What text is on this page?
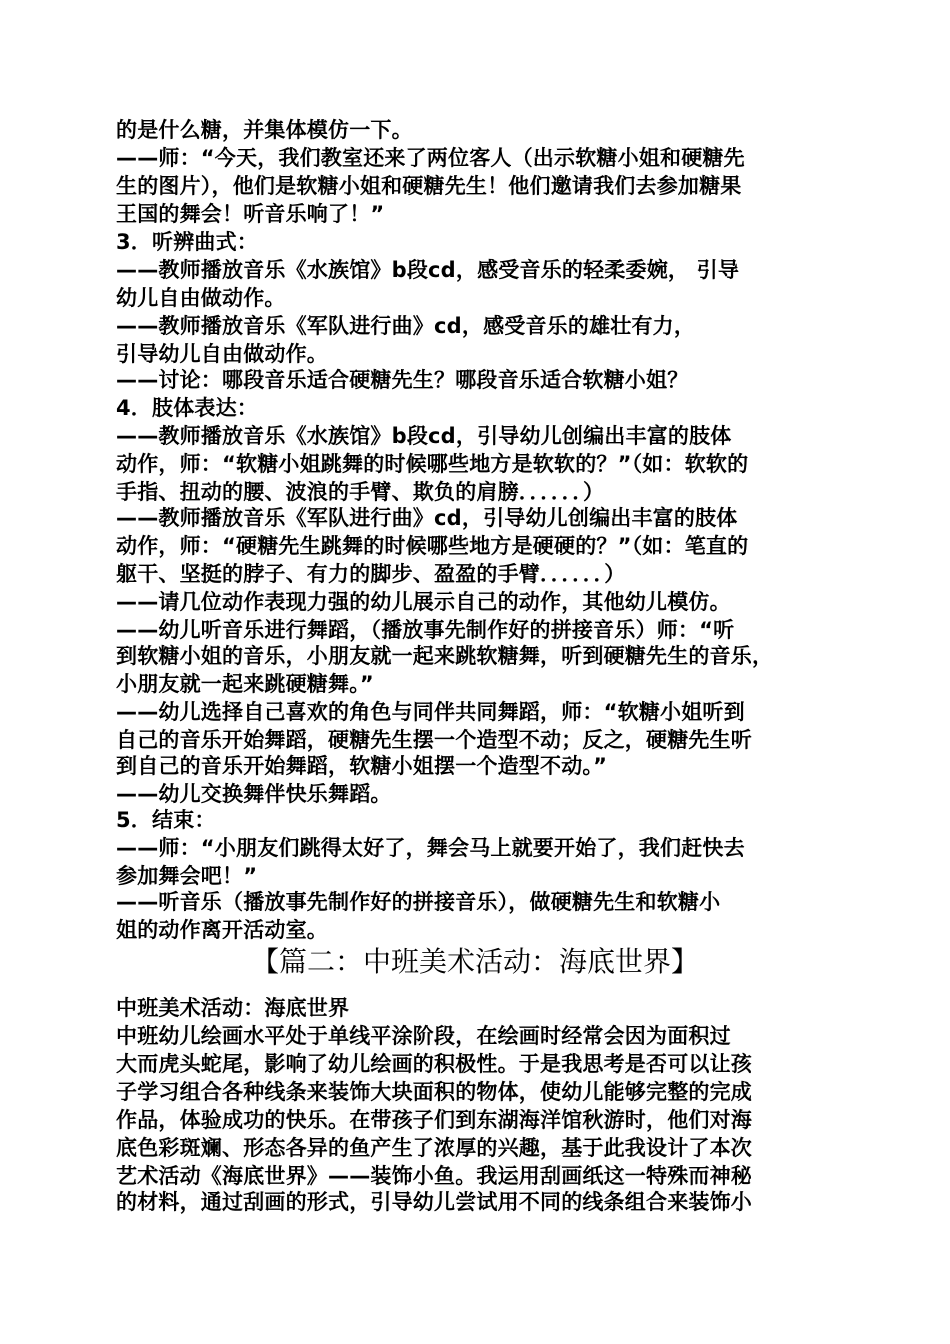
的是什么糖，并集体模仿一下。

——师：“今天，我们教室还来了两位客人（出示软糖小姐和硬糖先

生的图片），他们是软糖小姐和硬糖先生！他们邀请我们去参加糖果

王国的舞会！听音乐响了！”

3．听辨曲式：

——教师播放音乐《水族馆》b段cd，感受音乐的轻柔委婉， 引导

幼儿自由做动作。

——教师播放音乐《军队进行曲》cd，感受音乐的雄壮有力，

引导幼儿自由做动作。

——讨论：哪段音乐适合硬糖先生？哪段音乐适合软糖小姐？

4．肢体表达：

——教师播放音乐《水族馆》b段cd，引导幼儿创编出丰富的肢体

动作，师：“软糖小姐跳舞的时候哪些地方是软软的？”（如：软软的

手指、扭动的腰、波浪的手臂、欺负的肩膀．．．．．．）

——教师播放音乐《军队进行曲》cd，引导幼儿创编出丰富的肢体

动作，师：“硬糖先生跳舞的时候哪些地方是硬硬的？”（如：笔直的

躯干、坚挺的脖子、有力的脚步、盈盈的手臂．．．．．．）

——请几位动作表现力强的幼儿展示自己的动作，其他幼儿模仿。

——幼儿听音乐进行舞蹈，（播放事先制作好的拼接音乐）师：“听

到软糖小姐的音乐，小朋友就一起来跳软糖舞，听到硬糖先生的音乐，

小朋友就一起来跳硬糖舞。”

——幼儿选择自己喜欢的角色与同伴共同舞蹈，师：“软糖小姐听到

自己的音乐开始舞蹈，硬糖先生摆一个造型不动；反之，硬糖先生听

到自己的音乐开始舞蹈，软糖小姐摆一个造型不动。”

——幼儿交换舞伴快乐舞蹈。

5．结束：

——师：“小朋友们跳得太好了，舞会马上就要开始了，我们赶快去

参加舞会吧！”

——听音乐（播放事先制作好的拼接音乐），做硬糖先生和软糖小

姐的动作离开活动室。

【篇二：中班美术活动：海底世界】

中班美术活动：海底世界

中班幼儿绘画水平处于单线平涂阶段，在绘画时经常会因为面积过

大而虎头蛇尾，影响了幼儿绘画的积极性。于是我思考是否可以让孩

子学习组合各种线条来装饰大块面积的物体，使幼儿能够完整的完成

作品，体验成功的快乐。在带孩子们到东湖海洋馆秋游时，他们对海

底色彩斑斓、形态各异的鱼产生了浓厚的兴趣，基于此我设计了本次

艺术活动《海底世界》——装饰小鱼。我运用刮画纸这一特殊而神秘

的材料，通过刮画的形式，引导幼儿尝试用不同的线条组合来装饰小
